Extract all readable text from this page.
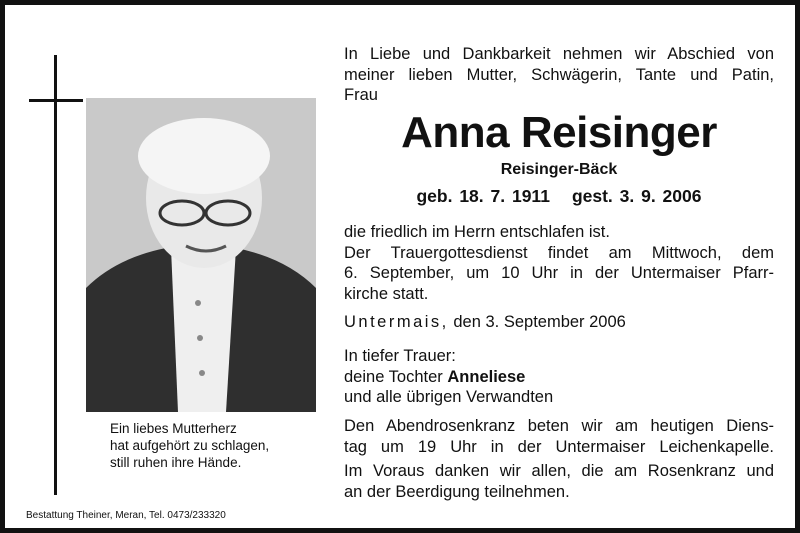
Ein liebes Mutterherz
hat aufgehört zu schlagen,
still ruhen ihre Hände.
Bestattung Theiner, Meran, Tel. 0473/233320
In Liebe und Dankbarkeit nehmen wir Abschied von
meiner lieben Mutter, Schwägerin, Tante und Patin,
Frau
Anna Reisinger
Reisinger-Bäck
geb. 18. 7. 1911 gest. 3. 9. 2006
die friedlich im Herrn entschlafen ist.
Der Trauergottesdienst findet am Mittwoch, dem
6. September, um 10 Uhr in der Untermaiser Pfarr-
kirche statt.
Untermais, den 3. September 2006
In tiefer Trauer:
deine Tochter Anneliese
und alle übrigen Verwandten
Den Abendrosenkranz beten wir am heutigen Diens-
tag um 19 Uhr in der Untermaiser Leichenkapelle.
Im Voraus danken wir allen, die am Rosenkranz und
an der Beerdigung teilnehmen.
